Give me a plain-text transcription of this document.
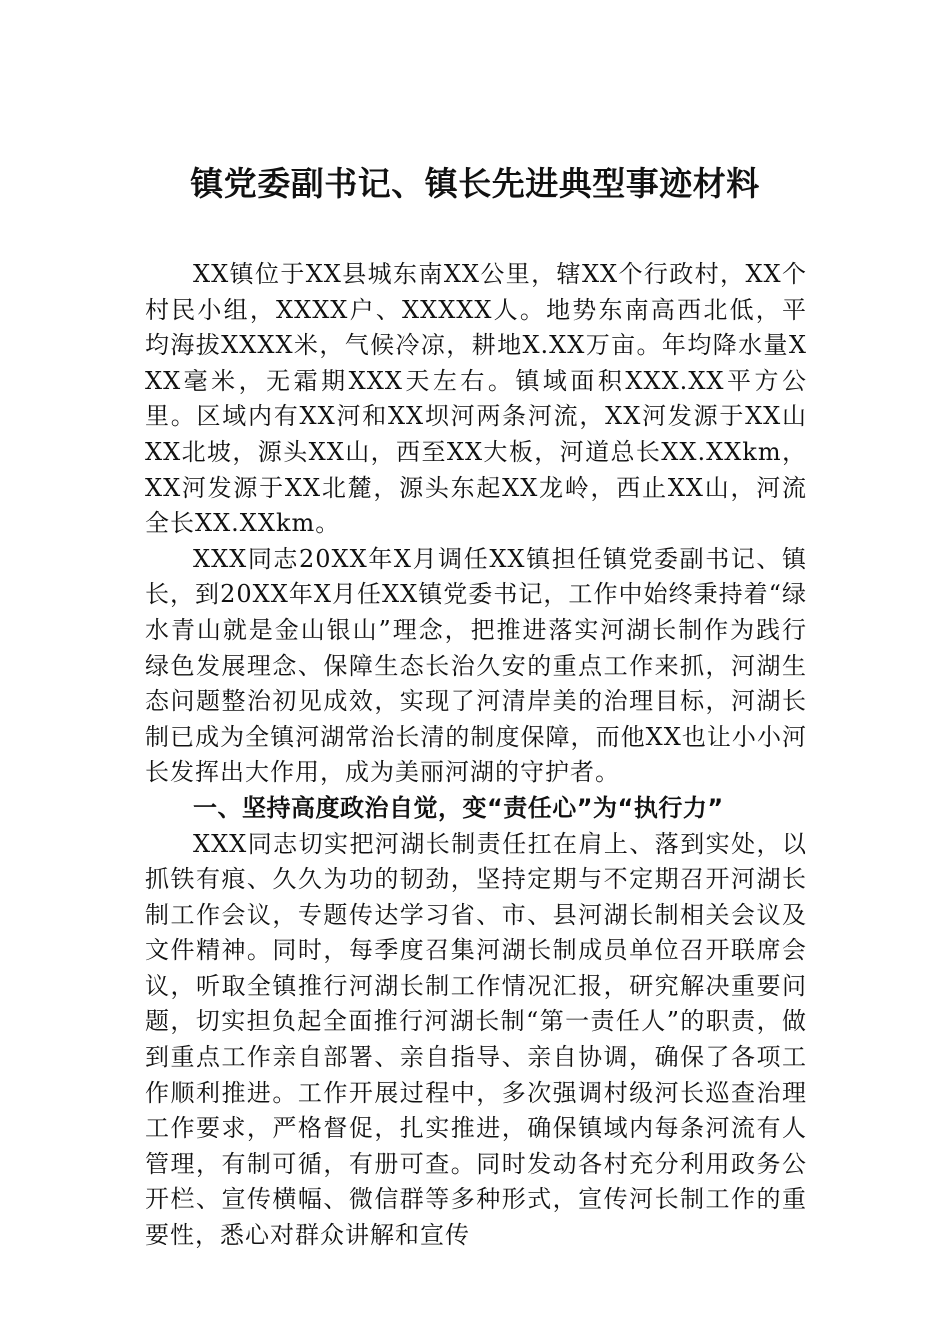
镇党委副书记、镇长先进典型事迹材料

XX镇位于XX县城东南XX公里，辖XX个行政村，XX个村民小组，XXXX户、XXXXX人。地势东南高西北低，平均海拔XXXX米，气候冷凉，耕地X.XX万亩。年均降水量XXX毫米，无霜期XXX天左右。镇域面积XXX.XX平方公里。区域内有XX河和XX坝河两条河流，XX河发源于XX山XX北坡，源头XX山，西至XX大板，河道总长XX.XXkm，XX河发源于XX北麓，源头东起XX龙岭，西止XX山，河流全长XX.XXkm。

XXX同志20XX年X月调任XX镇担任镇党委副书记、镇长，到20XX年X月任XX镇党委书记，工作中始终秉持着“绿水青山就是金山银山”理念，把推进落实河湖长制作为践行绿色发展理念、保障生态长治久安的重点工作来抓，河湖生态问题整治初见成效，实现了河清岸美的治理目标，河湖长制已成为全镇河湖常治长清的制度保障，而他XX也让小小河长发挥出大作用，成为美丽河湖的守护者。

一、坚持高度政治自觉，变“责任心”为“执行力”

XXX同志切实把河湖长制责任扛在肩上、落到实处，以抓铁有痕、久久为功的韧劲，坚持定期与不定期召开河湖长制工作会议，专题传达学习省、市、县河湖长制相关会议及文件精神。同时，每季度召集河湖长制成员单位召开联席会议，听取全镇推行河湖长制工作情况汇报，研究解决重要问题，切实担负起全面推行河湖长制“第一责任人”的职责，做到重点工作亲自部署、亲自指导、亲自协调，确保了各项工作顺利推进。工作开展过程中，多次强调村级河长巡查治理工作要求，严格督促，扎实推进，确保镇域内每条河流有人管理，有制可循，有册可查。同时发动各村充分利用政务公开栏、宣传横幅、微信群等多种形式，宣传河长制工作的重要性，悉心对群众讲解和宣传
